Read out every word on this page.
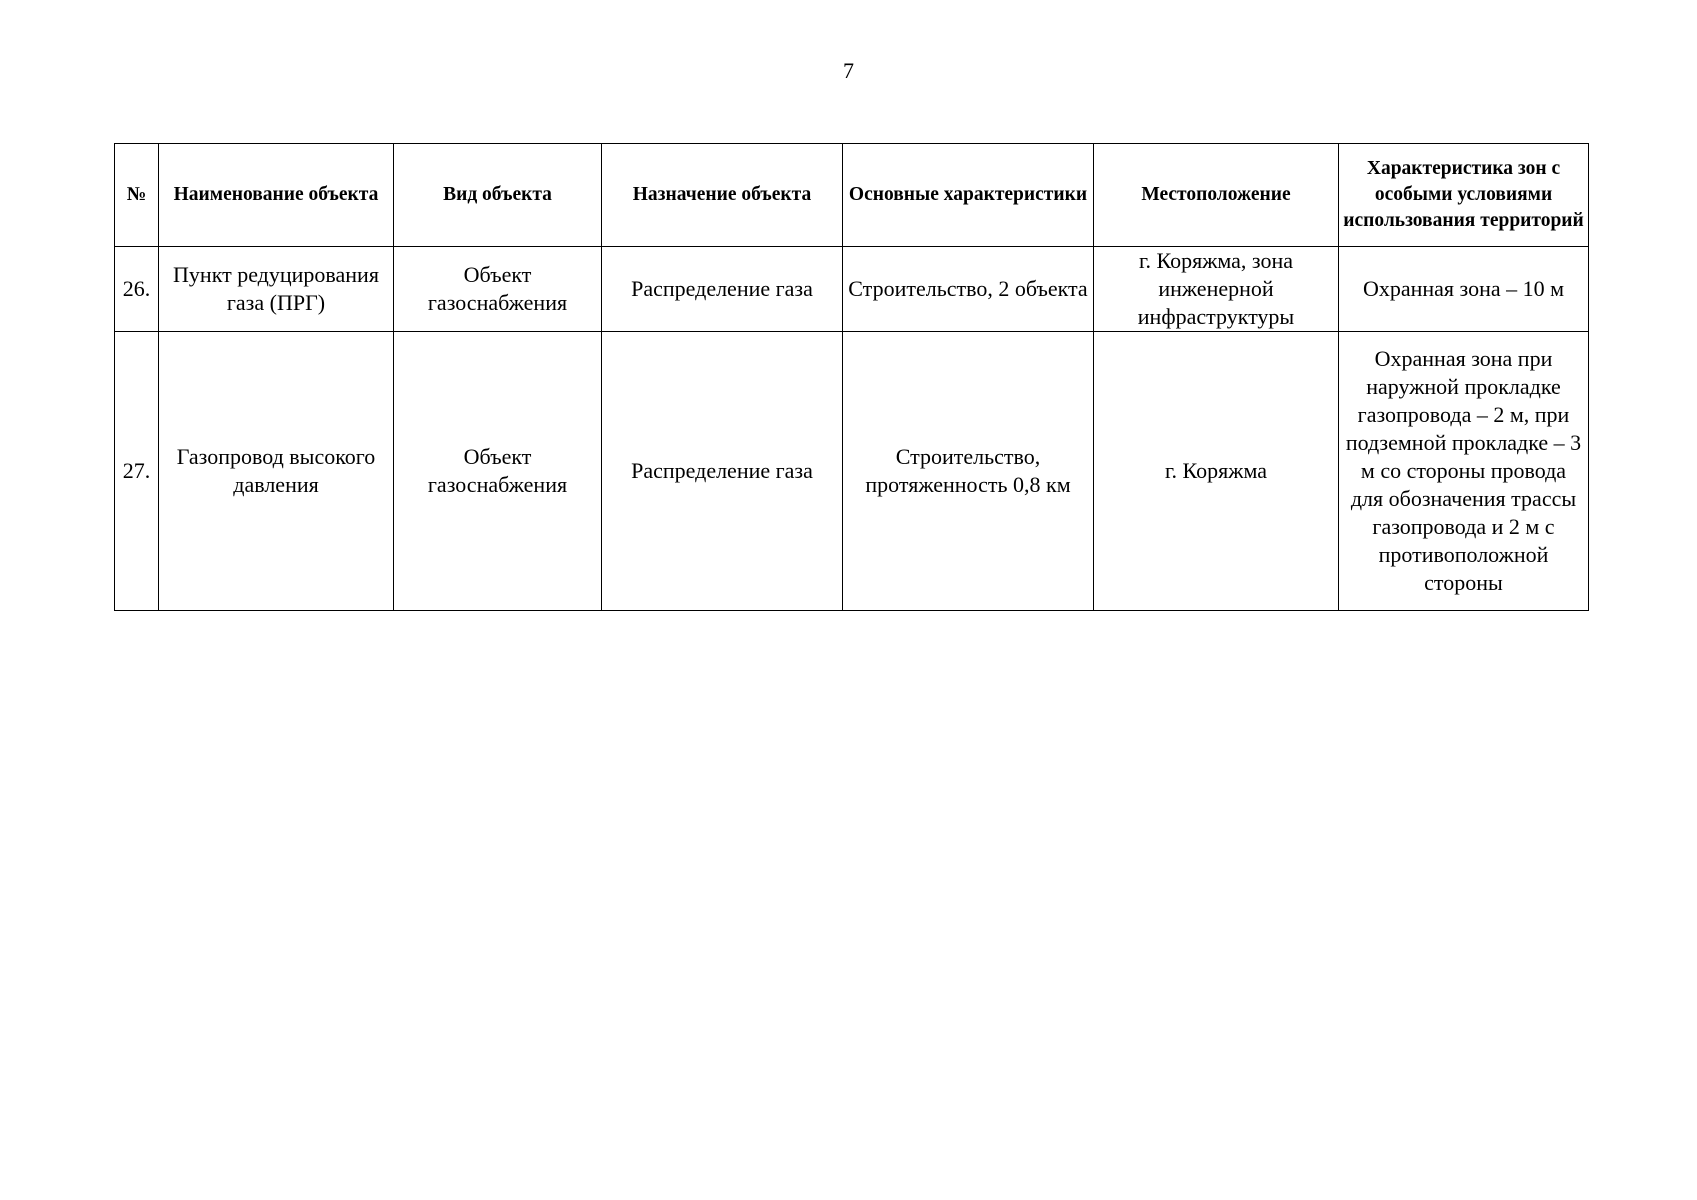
7
№	Наименование объекта	Вид объекта	Назначение объекта	Основные характеристики	Местоположение	Характеристика зон с особыми условиями использования территорий
26.	Пункт редуцирования газа (ПРГ)	Объект газоснабжения	Распределение газа	Строительство, 2 объекта	г. Коряжма, зона инженерной инфраструктуры	Охранная зона – 10 м
27.	Газопровод высокого давления	Объект газоснабжения	Распределение газа	Строительство, протяженность 0,8 км	г. Коряжма	Охранная зона при наружной прокладке газопровода – 2 м, при подземной прокладке – 3 м со стороны провода для обозначения трассы газопровода и 2 м с противоположной стороны
